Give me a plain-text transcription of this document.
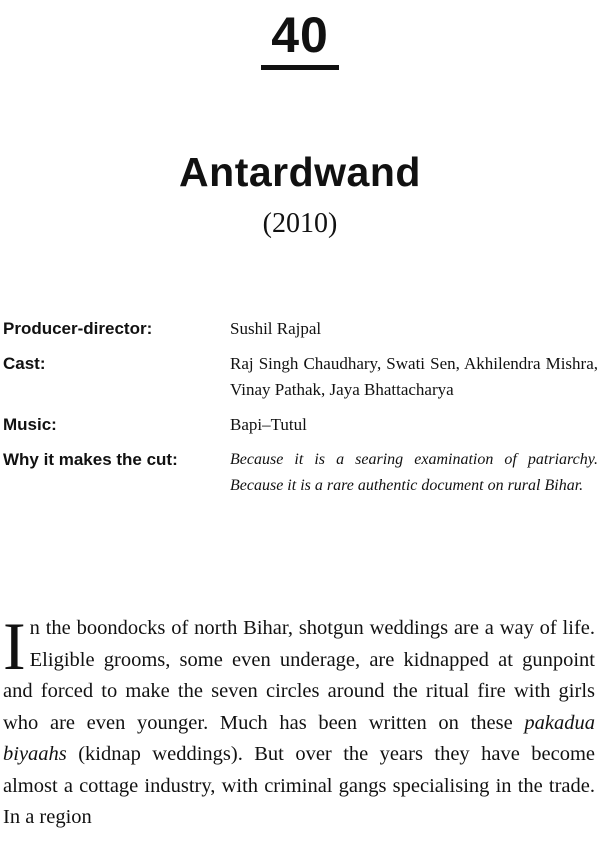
40
Antardwand
(2010)
Producer-director:	Sushil Rajpal
Cast:	Raj Singh Chaudhary, Swati Sen, Akhilendra Mishra, Vinay Pathak, Jaya Bhattacharya
Music:	Bapi–Tutul
Why it makes the cut:	Because it is a searing examination of patriarchy. Because it is a rare authentic document on rural Bihar.
In the boondocks of north Bihar, shotgun weddings are a way of life. Eligible grooms, some even underage, are kidnapped at gunpoint and forced to make the seven circles around the ritual fire with girls who are even younger. Much has been written on these pakadua biyaahs (kidnap weddings). But over the years they have become almost a cottage industry, with criminal gangs specialising in the trade. In a region
